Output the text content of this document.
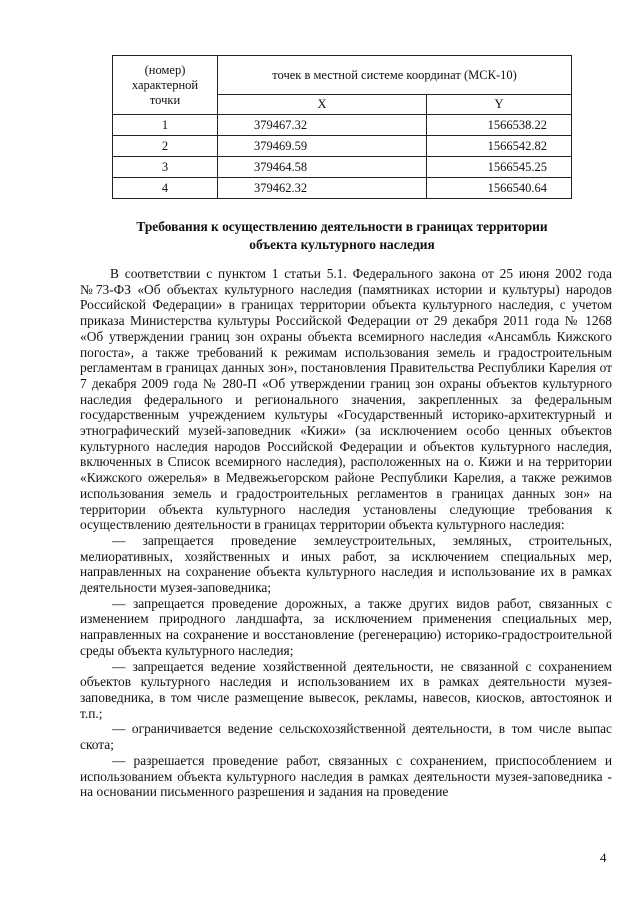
(номер) характерной точки	точек в местной системе координат (МСК-10)	
	X	Y
1	379467.32	1566538.22
2	379469.59	1566542.82
3	379464.58	1566545.25
4	379462.32	1566540.64
Требования к осуществлению деятельности в границах территории
объекта культурного наследия

В соответствии с пунктом 1 статьи 5.1. Федерального закона от 25 июня 2002 года №73-ФЗ «Об объектах культурного наследия (памятниках истории и культуры) народов Российской Федерации» в границах территории объекта культурного наследия, с учетом приказа Министерства культуры Российской Федерации от 29 декабря 2011 года № 1268 «Об утверждении границ зон охраны объекта всемирного наследия «Ансамбль Кижского погоста», а также требований к режимам использования земель и градостроительным регламентам в границах данных зон», постановления Правительства Республики Карелия от 7 декабря 2009 года № 280-П «Об утверждении границ зон охраны объектов культурного наследия федерального и регионального значения, закрепленных за федеральным государственным учреждением культуры «Государственный историко-архитектурный и этнографический музей-заповедник «Кижи» (за исключением особо ценных объектов культурного наследия народов Российской Федерации и объектов культурного наследия, включенных в Список всемирного наследия), расположенных на о. Кижи и на территории «Кижского ожерелья» в Медвежьегорском районе Республики Карелия, а также режимов использования земель и градостроительных регламентов в границах данных зон» на территории объекта культурного наследия установлены следующие требования к осуществлению деятельности в границах территории объекта культурного наследия:

— запрещается проведение землеустроительных, земляных, строительных, мелиоративных, хозяйственных и иных работ, за исключением специальных мер, направленных на сохранение объекта культурного наследия и использование их в рамках деятельности музея-заповедника;

— запрещается проведение дорожных, а также других видов работ, связанных с изменением природного ландшафта, за исключением применения специальных мер, направленных на сохранение и восстановление (регенерацию) историко-градостроительной среды объекта культурного наследия;

— запрещается ведение хозяйственной деятельности, не связанной с сохранением объектов культурного наследия и использованием их в рамках деятельности музея-заповедника, в том числе размещение вывесок, рекламы, навесов, киосков, автостоянок и т.п.;

— ограничивается ведение сельскохозяйственной деятельности, в том числе выпас скота;

— разрешается проведение работ, связанных с сохранением, приспособлением и использованием объекта культурного наследия в рамках деятельности музея-заповедника - на основании письменного разрешения и задания на проведение

4
